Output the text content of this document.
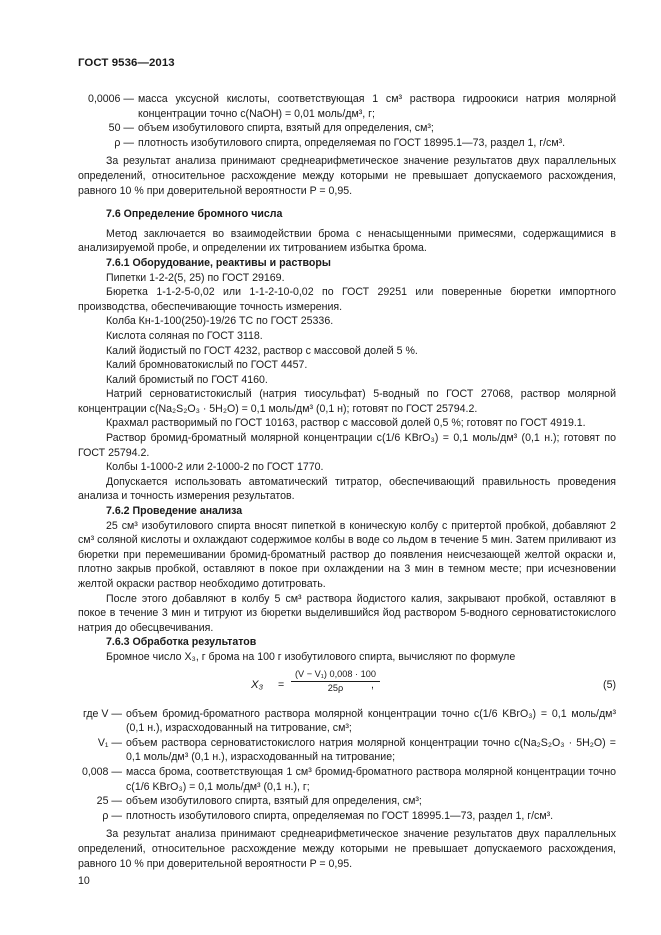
ГОСТ 9536—2013
0,0006 — масса уксусной кислоты, соответствующая 1 см³ раствора гидроокиси натрия молярной концентрации точно c(NaOH) = 0,01 моль/дм³, г;
50 — объем изобутилового спирта, взятый для определения, см³;
ρ — плотность изобутилового спирта, определяемая по ГОСТ 18995.1—73, раздел 1, г/см³.

За результат анализа принимают среднеарифметическое значение результатов двух параллельных определений, относительное расхождение между которыми не превышает допускаемого расхождения, равного 10 % при доверительной вероятности P = 0,95.

7.6 Определение бромного числа

Метод заключается во взаимодействии брома с ненасыщенными примесями, содержащимися в анализируемой пробе, и определении их титрованием избытка брома.

7.6.1 Оборудование, реактивы и растворы

Пипетки 1-2-2(5, 25) по ГОСТ 29169.

Бюретка 1-1-2-5-0,02 или 1-1-2-10-0,02 по ГОСТ 29251 или поверенные бюретки импортного производства, обеспечивающие точность измерения.

Колба Кн-1-100(250)-19/26 ТС по ГОСТ 25336.

Кислота соляная по ГОСТ 3118.

Калий йодистый по ГОСТ 4232, раствор с массовой долей 5 %.

Калий бромноватокислый по ГОСТ 4457.

Калий бромистый по ГОСТ 4160.

Натрий серноватистокислый (натрия тиосульфат) 5-водный по ГОСТ 27068, раствор молярной концентрации c(Na₂S₂O₃ · 5H₂O) = 0,1 моль/дм³ (0,1 н); готовят по ГОСТ 25794.2.

Крахмал растворимый по ГОСТ 10163, раствор с массовой долей 0,5 %; готовят по ГОСТ 4919.1.

Раствор бромид-броматный молярной концентрации c(1/6 KBrO₃) = 0,1 моль/дм³ (0,1 н.); готовят по ГОСТ 25794.2.

Колбы 1-1000-2 или 2-1000-2 по ГОСТ 1770.

Допускается использовать автоматический титратор, обеспечивающий правильность проведения анализа и точность измерения результатов.

7.6.2 Проведение анализа

25 см³ изобутилового спирта вносят пипеткой в коническую колбу с притертой пробкой, добавляют 2 см³ соляной кислоты и охлаждают содержимое колбы в воде со льдом в течение 5 мин. Затем приливают из бюретки при перемешивании бромид-броматный раствор до появления неисчезающей желтой окраски и, плотно закрыв пробкой, оставляют в покое при охлаждении на 3 мин в темном месте; при исчезновении желтой окраски раствор необходимо дотитровать.

После этого добавляют в колбу 5 см³ раствора йодистого калия, закрывают пробкой, оставляют в покое в течение 3 мин и титруют из бюретки выделившийся йод раствором 5-водного серноватистокислого натрия до обесцвечивания.

7.6.3 Обработка результатов

Бромное число X₃, г брома на 100 г изобутилового спирта, вычисляют по формуле

$X_3 = \frac{\text{(V − V₁) 0,008 · 100}}{25\rho}$
,	(5)
где V — объем бромид-броматного раствора молярной концентрации точно c(1/6 KBrO₃) = 0,1 моль/дм³ (0,1 н.), израсходованный на титрование, см³;
V₁ — объем раствора серноватистокислого натрия молярной концентрации точно c(Na₂S₂O₃ · 5H₂O) = 0,1 моль/дм³ (0,1 н.), израсходованный на титрование;
0,008 — масса брома, соответствующая 1 см³ бромид-броматного раствора молярной концентрации точно c(1/6 KBrO₃) = 0,1 моль/дм³ (0,1 н.), г;
25 — объем изобутилового спирта, взятый для определения, см³;
ρ — плотность изобутилового спирта, определяемая по ГОСТ 18995.1—73, раздел 1, г/см³.

За результат анализа принимают среднеарифметическое значение результатов двух параллельных определений, относительное расхождение между которыми не превышает допускаемого расхождения, равного 10 % при доверительной вероятности P = 0,95.

10
